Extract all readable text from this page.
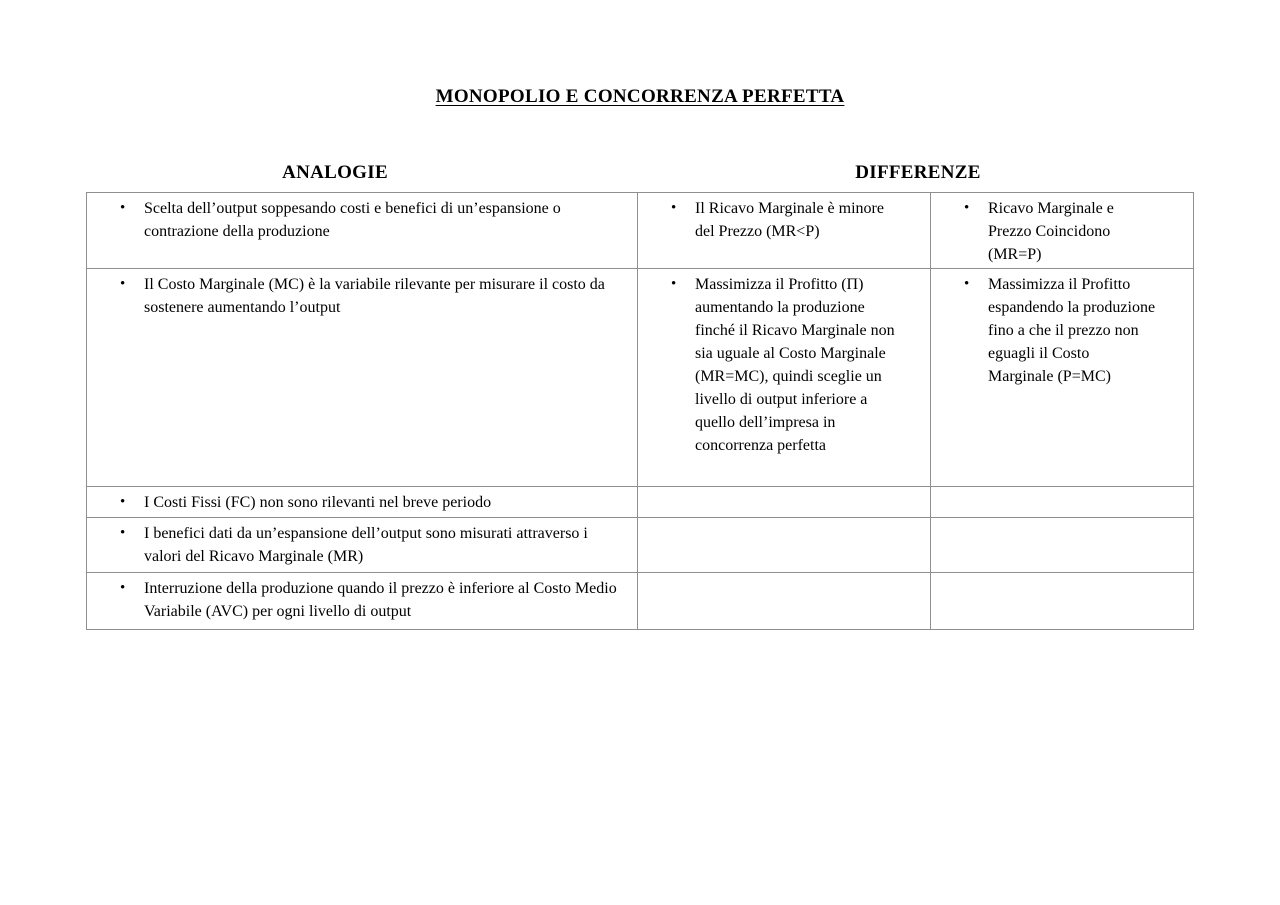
MONOPOLIO E CONCORRENZA PERFETTA
ANALOGIE	DIFFERENZE
• Scelta dell’output soppesando costi e benefici di un’espansione o contrazione della produzione	• Il Ricavo Marginale è minore del Prezzo (MR<P)	• Ricavo Marginale e Prezzo Coincidono (MR=P)

• Il Costo Marginale (MC) è la variabile rilevante per misurare il costo da sostenere aumentando l’output	• Massimizza il Profitto (Π) aumentando la produzione finché il Ricavo Marginale non sia uguale al Costo Marginale (MR=MC), quindi sceglie un livello di output inferiore a quello dell’impresa in concorrenza perfetta	• Massimizza il Profitto espandendo la produzione fino a che il prezzo non eguagli il Costo Marginale (P=MC)

• I Costi Fissi (FC) non sono rilevanti nel breve periodo		

• I benefici dati da un’espansione dell’output sono misurati attraverso i valori del Ricavo Marginale (MR)		

• Interruzione della produzione quando il prezzo è inferiore al Costo Medio Variabile (AVC) per ogni livello di output		
